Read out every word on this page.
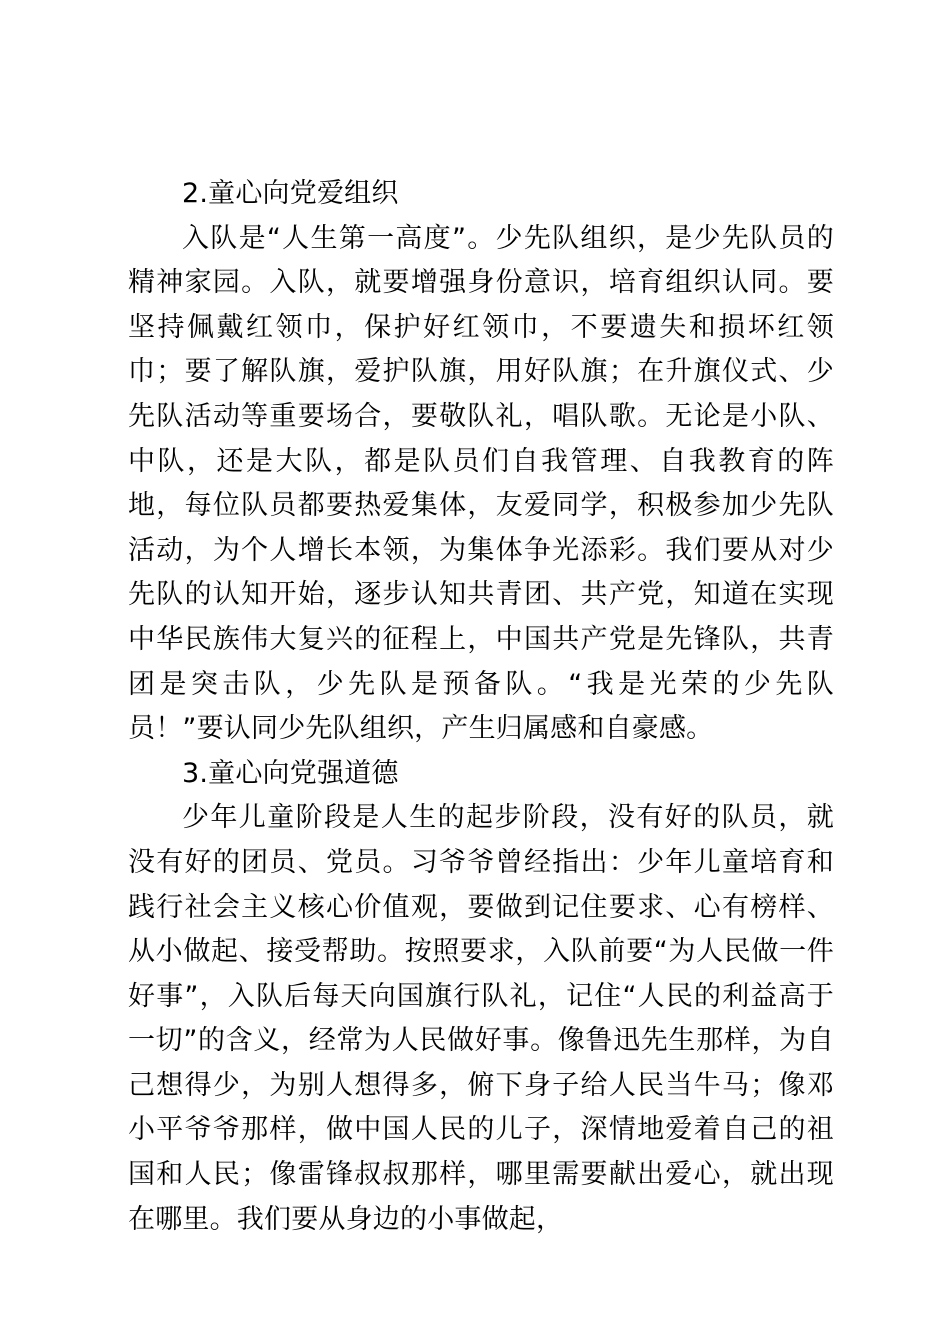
2.童心向党爱组织

入队是“人生第一高度”。少先队组织，是少先队员的精神家园。入队，就要增强身份意识，培育组织认同。要坚持佩戴红领巾，保护好红领巾，不要遗失和损坏红领巾；要了解队旗，爱护队旗，用好队旗；在升旗仪式、少先队活动等重要场合，要敬队礼，唱队歌。无论是小队、中队，还是大队，都是队员们自我管理、自我教育的阵地，每位队员都要热爱集体，友爱同学，积极参加少先队活动，为个人增长本领，为集体争光添彩。我们要从对少先队的认知开始，逐步认知共青团、共产党，知道在实现中华民族伟大复兴的征程上，中国共产党是先锋队，共青团是突击队，少先队是预备队。“我是光荣的少先队员！”要认同少先队组织，产生归属感和自豪感。

3.童心向党强道德

少年儿童阶段是人生的起步阶段，没有好的队员，就没有好的团员、党员。习爷爷曾经指出：少年儿童培育和践行社会主义核心价值观，要做到记住要求、心有榜样、从小做起、接受帮助。按照要求，入队前要“为人民做一件好事”，入队后每天向国旗行队礼，记住“人民的利益高于一切”的含义，经常为人民做好事。像鲁迅先生那样，为自己想得少，为别人想得多，俯下身子给人民当牛马；像邓小平爷爷那样，做中国人民的儿子，深情地爱着自己的祖国和人民；像雷锋叔叔那样，哪里需要献出爱心，就出现在哪里。我们要从身边的小事做起，
